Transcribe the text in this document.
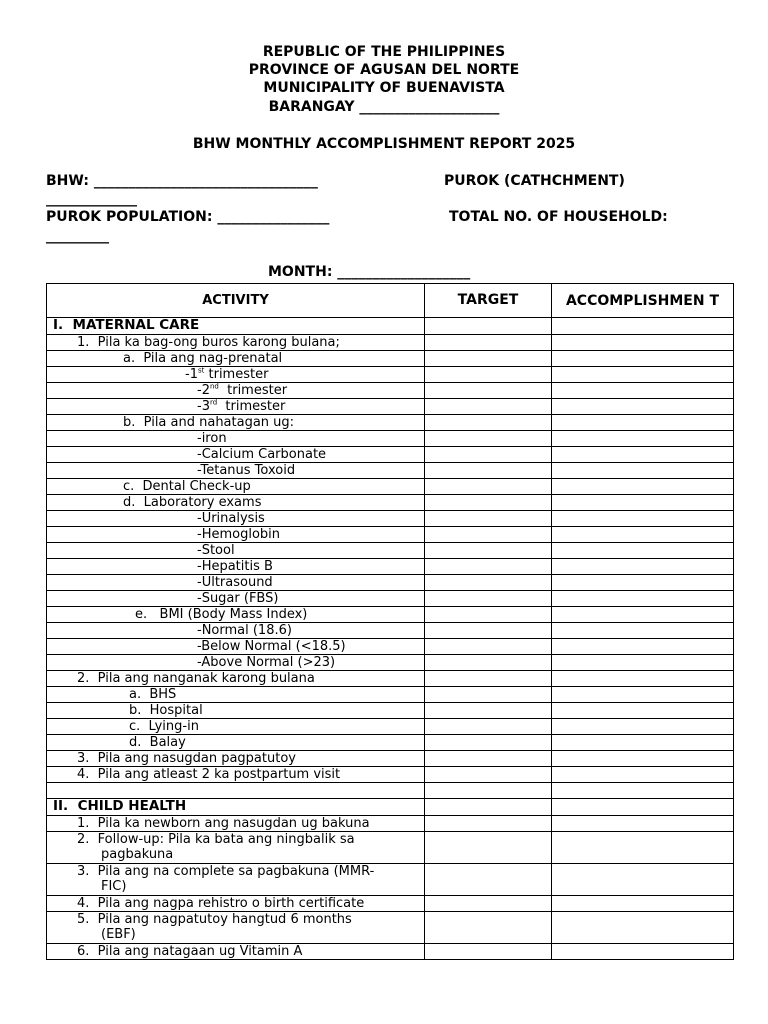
REPUBLIC OF THE PHILIPPINES
PROVINCE OF AGUSAN DEL NORTE
MUNICIPALITY OF BUENAVISTA
BARANGAY ____________________
BHW MONTHLY ACCOMPLISHMENT REPORT 2025
BHW: ________________________________	PUROK (CATHCHMENT)
_____________
PUROK POPULATION: ________________	TOTAL NO. OF HOUSEHOLD:
_________
MONTH: ___________________
ACTIVITY	TARGET	ACCOMPLISHMEN T

I.  MATERNAL CARE		

1.  Pila ka bag-ong buros karong bulana;		

a.  Pila ang nag-prenatal		

-1st trimester		

-2nd  trimester		

-3rd  trimester		

b.  Pila and nahatagan ug:		

-iron		

-Calcium Carbonate		

-Tetanus Toxoid		

c.  Dental Check-up		

d.  Laboratory exams		

-Urinalysis		

-Hemoglobin		

-Stool		

-Hepatitis B		

-Ultrasound		

-Sugar (FBS)		

e.   BMI (Body Mass Index)		

-Normal (18.6)		

-Below Normal (<18.5)		

-Above Normal (>23)		

2.  Pila ang nanganak karong bulana		

a.  BHS		

b.  Hospital		

c.  Lying-in		

d.  Balay		

3.  Pila ang nasugdan pagpatutoy		

4.  Pila ang atleast 2 ka postpartum visit		

II.  CHILD HEALTH		

1.  Pila ka newborn ang nasugdan ug bakuna		

2.  Follow-up: Pila ka bata ang ningbalik sa
pagbakuna		

3.  Pila ang na complete sa pagbakuna (MMR-
FIC)		

4.  Pila ang nagpa rehistro o birth certificate		

5.  Pila ang nagpatutoy hangtud 6 months
(EBF)		

6.  Pila ang natagaan ug Vitamin A		
